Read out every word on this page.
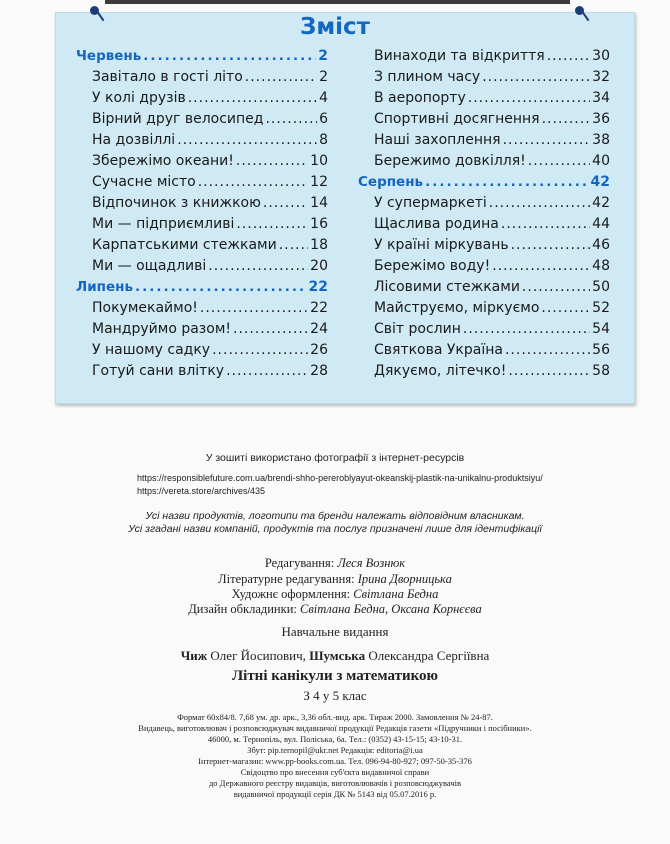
Зміст
Червень .....	2
Завітало в гості літо .....	2
У колі друзів .....	4
Вірний друг велосипед .....	6
На дозвіллі .....	8
Збережімо океани! .....	10
Сучасне місто .....	12
Відпочинок з книжкою .....	14
Ми — підприємливі .....	16
Карпатськими стежками ..... 18
Ми — ощадливі .....	20
Липень .....	22
Покумекаймо! .....	22
Мандруймо разом! .....	24
У нашому садку .....	26
Готуй сани влітку .....	28
Винаходи та відкриття .....	30
З плином часу .....	32
В аеропорту .....	34
Спортивні досягнення .....	36
Наші захоплення .....	38
Бережимо довкілля! .....	40
Серпень .....	42
У супермаркеті .....	42
Щаслива родина .....	44
У країні міркувань .....	46
Бережімо воду! .....	48
Лісовими стежками .....	50
Майструємо, міркуємо .....	52
Світ рослин .....	54
Святкова Україна .....	56
Дякуємо, літечко! .....	58
У зошиті використано фотографії з інтернет-ресурсів
https://responsiblefuture.com.ua/brendi-shho-pereroblyayut-okeanskij-plastik-na-unikalnu-produktsiyu/
https://vereta.store/archives/435
Усі назви продуктів, логотипи та бренди належать відповідним власникам.
Усі згадані назви компаній, продуктів та послуг призначені лише для ідентифікації
Редагування: Леся Вознюк
Літературне редагування: Ірина Дворницька
Художнє оформлення: Світлана Бедна
Дизайн обкладинки: Світлана Бедна, Оксана Корнєєва
Навчальне видання
Чиж Олег Йосипович, Шумська Олександра Сергіївна
Літні канікули з математикою
З 4 у 5 клас
Формат 60х84/8. 7,68 ум. др. арк., 3,36 обл.-вид. арк. Тираж 2000. Замовлення № 24-87.
Видавець, виготовлювач і розповсюджувач видавничої продукції Редакція газети «Підручники і посібники».
46000, м. Тернопіль, вул. Поліська, 6а. Тел.: (0352) 43-15-15; 43-10-31.
Збут: pip.ternopil@ukr.net Редакція: editoria@i.ua
Інтернет-магазин: www.pp-books.com.ua. Тел. 096-94-80-927; 097-50-35-376
Свідоцтво про внесення суб'єкта видавничої справи
до Державного реєстру видавців, виготовлювачів і розповсюджувачів
видавничої продукції серія ДК № 5143 від 05.07.2016 р.
